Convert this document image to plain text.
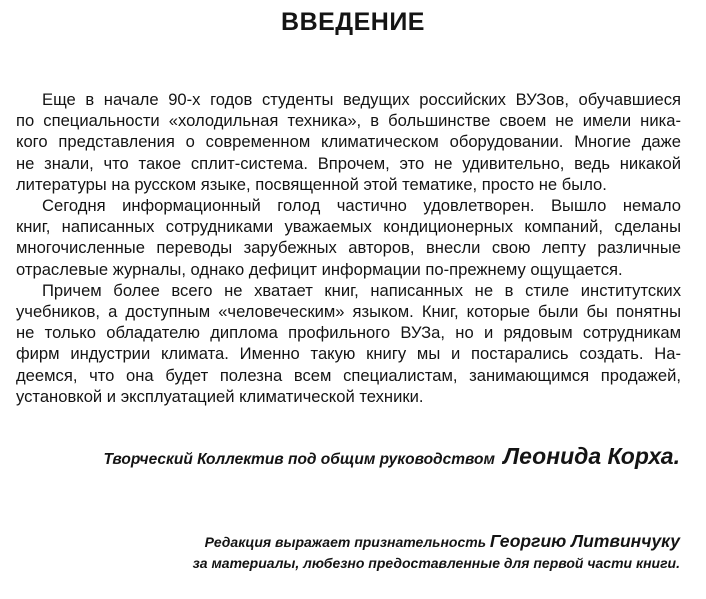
ВВЕДЕНИЕ
Еще в начале 90-х годов студенты ведущих российских ВУЗов, обучавшиеся
по специальности «холодильная техника», в большинстве своем не имели ника-
кого представления о современном климатическом оборудовании. Многие даже
не знали, что такое сплит-система. Впрочем, это не удивительно, ведь никакой
литературы на русском языке, посвященной этой тематике, просто не было.
Сегодня информационный голод частично удовлетворен. Вышло немало
книг, написанных сотрудниками уважаемых кондиционерных компаний, сделаны
многочисленные переводы зарубежных авторов, внесли свою лепту различные
отраслевые журналы, однако дефицит информации по-прежнему ощущается.
Причем более всего не хватает книг, написанных не в стиле институтских
учебников, а доступным «человеческим» языком. Книг, которые были бы понятны
не только обладателю диплома профильного ВУЗа, но и рядовым сотрудникам
фирм индустрии климата. Именно такую книгу мы и постарались создать. На-
деемся, что она будет полезна всем специалистам, занимающимся продажей,
установкой и эксплуатацией климатической техники.

Творческий Коллектив под общим руководством Леонида Корха.

Редакция выражает признательность Георгию Литвинчуку
за материалы, любезно предоставленные для первой части книги.
